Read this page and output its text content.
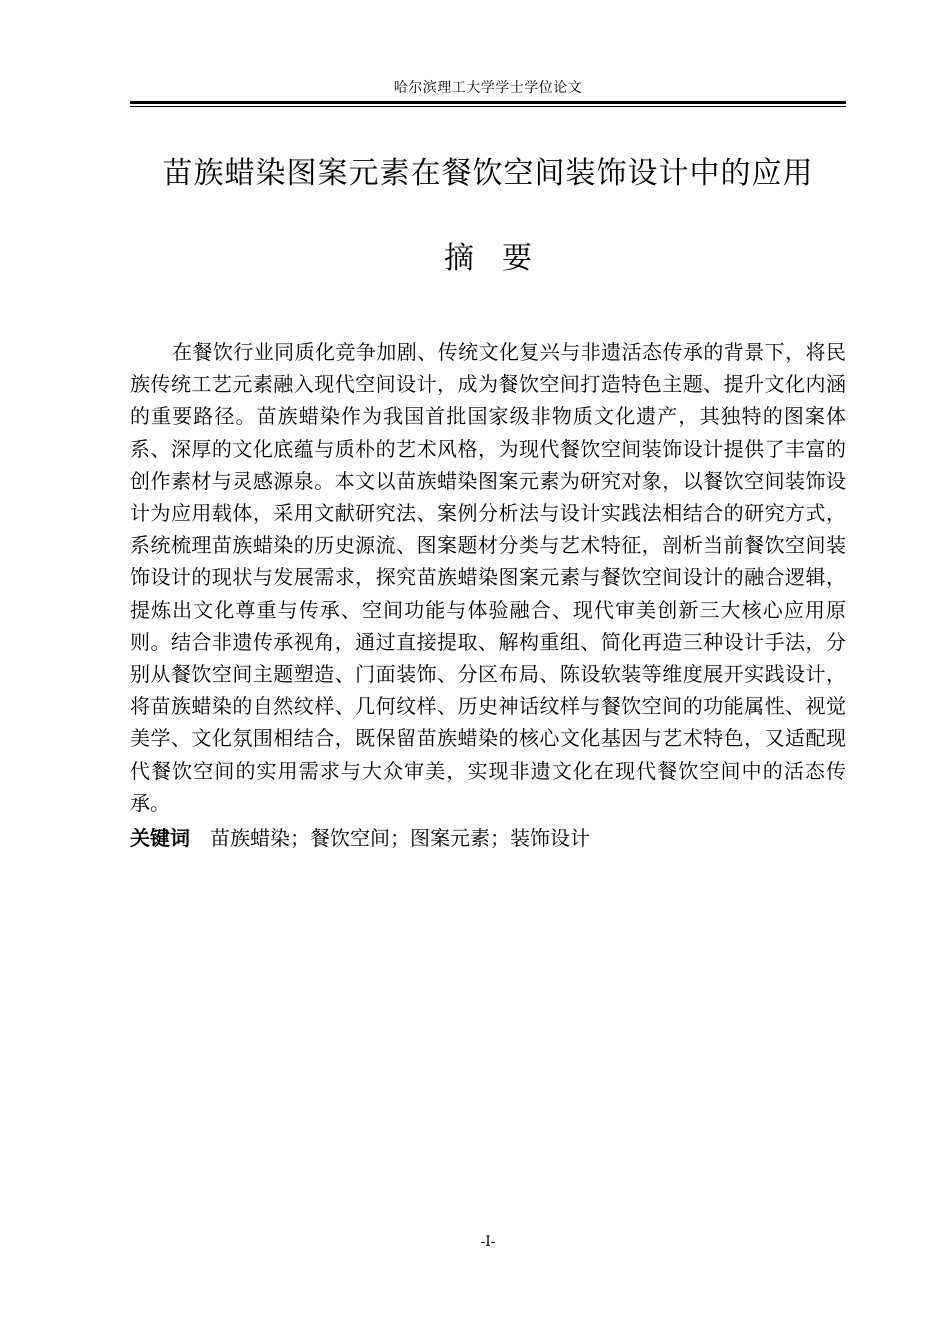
哈尔滨理工大学学士学位论文
苗族蜡染图案元素在餐饮空间装饰设计中的应用
摘要

在餐饮行业同质化竞争加剧、传统文化复兴与非遗活态传承的背景下，将民族传统工艺元素融入现代空间设计，成为餐饮空间打造特色主题、提升文化内涵的重要路径。苗族蜡染作为我国首批国家级非物质文化遗产，其独特的图案体系、深厚的文化底蕴与质朴的艺术风格，为现代餐饮空间装饰设计提供了丰富的创作素材与灵感源泉。本文以苗族蜡染图案元素为研究对象，以餐饮空间装饰设计为应用载体，采用文献研究法、案例分析法与设计实践法相结合的研究方式，系统梳理苗族蜡染的历史源流、图案题材分类与艺术特征，剖析当前餐饮空间装饰设计的现状与发展需求，探究苗族蜡染图案元素与餐饮空间设计的融合逻辑，提炼出文化尊重与传承、空间功能与体验融合、现代审美创新三大核心应用原则。结合非遗传承视角，通过直接提取、解构重组、简化再造三种设计手法，分别从餐饮空间主题塑造、门面装饰、分区布局、陈设软装等维度展开实践设计，将苗族蜡染的自然纹样、几何纹样、历史神话纹样与餐饮空间的功能属性、视觉美学、文化氛围相结合，既保留苗族蜡染的核心文化基因与艺术特色，又适配现代餐饮空间的实用需求与大众审美，实现非遗文化在现代餐饮空间中的活态传承。

关键词 苗族蜡染；餐饮空间；图案元素；装饰设计
-I-
